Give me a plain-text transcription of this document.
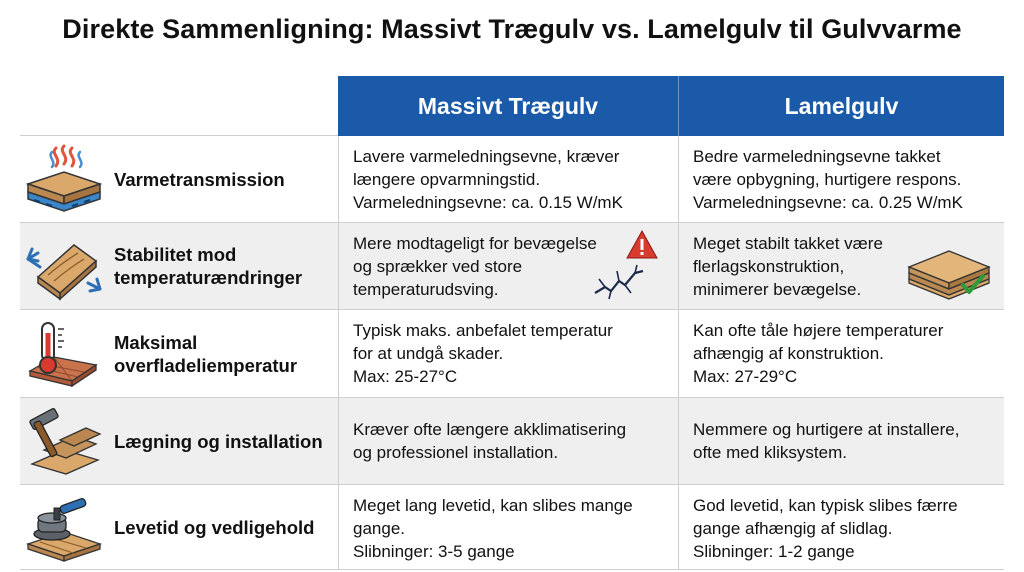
Direkte Sammenligning: Massivt Trægulv vs. Lamelgulv til Gulvvarme
Massivt Trægulv	Lamelgulv
Varmetransmission
Lavere varmeledningsevne, kræver
længere opvarmningstid.
Varmeledningsevne: ca. 0.15 W/mK
Bedre varmeledningsevne takket
være opbygning, hurtigere respons.
Varmeledningsevne: ca. 0.25 W/mK
Stabilitet mod temperaturændringer
Mere modtageligt for bevægelse
og sprækker ved store
temperaturudsving.
Meget stabilt takket være
flerlagskonstruktion,
minimerer bevægelse.
Maksimal overfladeliemperatur
Typisk maks. anbefalet temperatur
for at undgå skader.
Max: 25-27°C
Kan ofte tåle højere temperaturer
afhængig af konstruktion.
Max: 27-29°C
Lægning og installation
Kræver ofte længere akklimatisering
og professionel installation.
Nemmere og hurtigere at installere,
ofte med kliksystem.
Levetid og vedligehold
Meget lang levetid, kan slibes mange
gange.
Slibninger: 3-5 gange
God levetid, kan typisk slibes færre
gange afhængig af slidlag.
Slibninger: 1-2 gange
